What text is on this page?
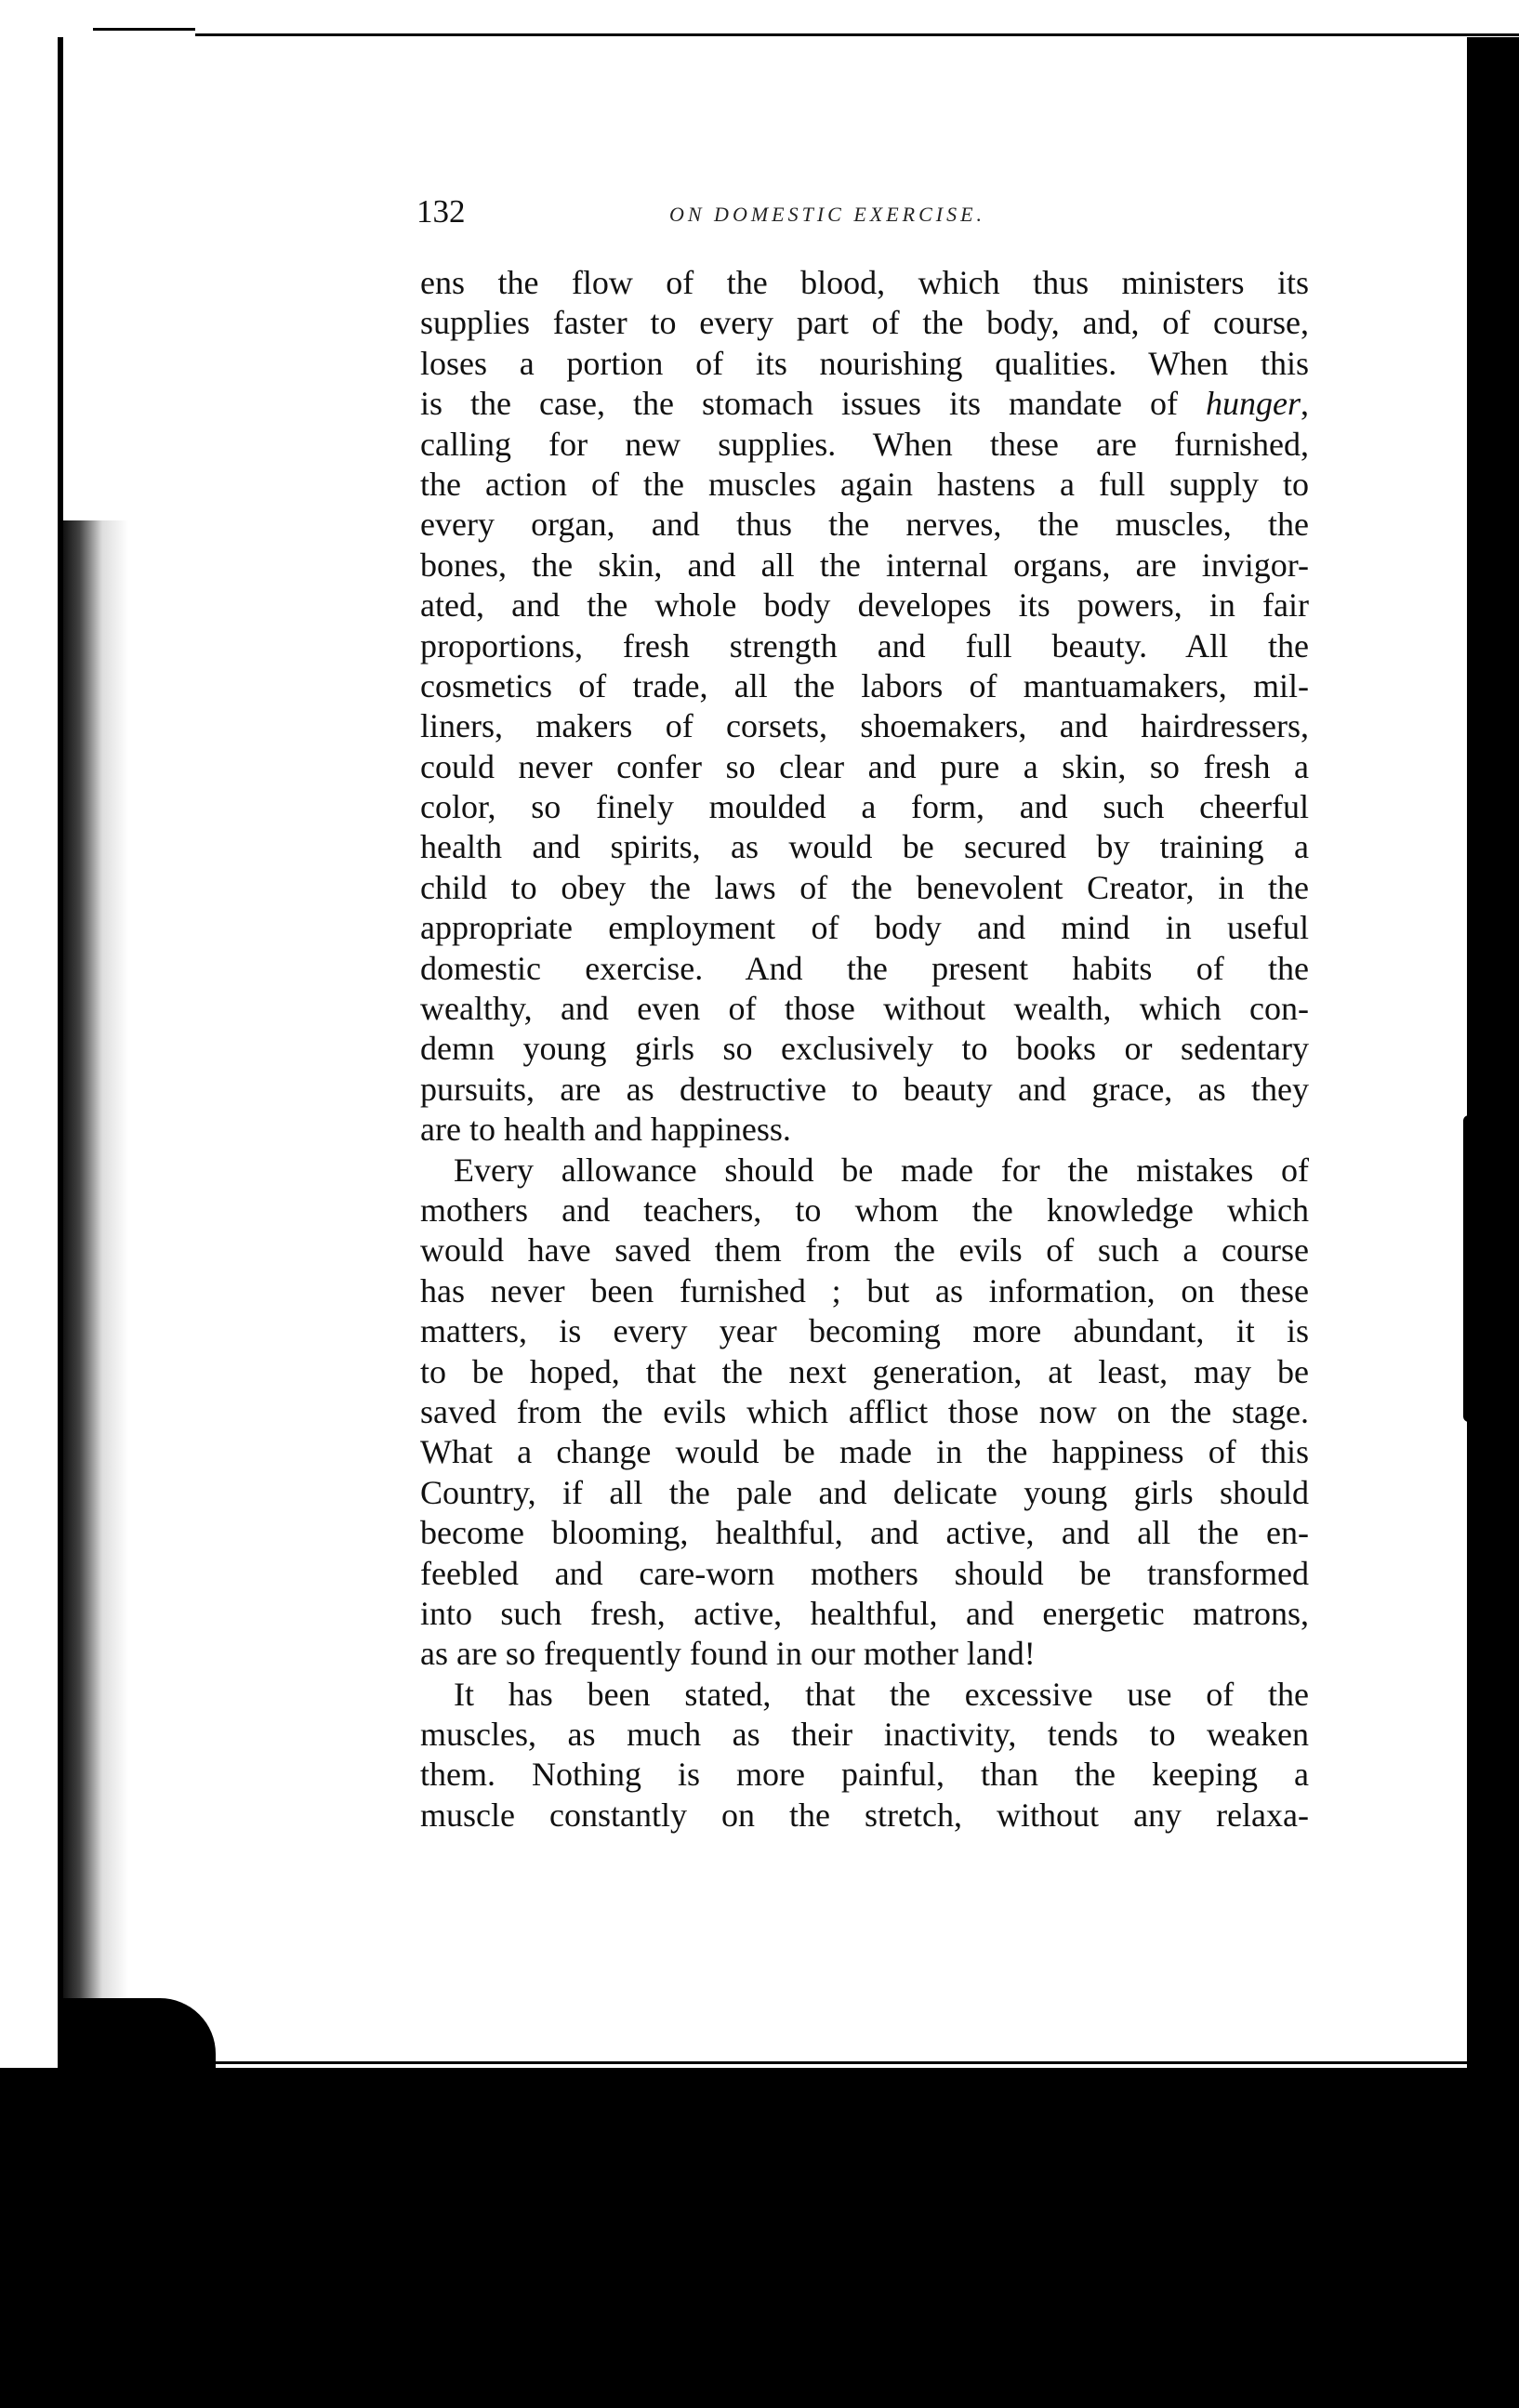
132	ON DOMESTIC EXERCISE.
ens the flow of the blood, which thus ministers its
supplies faster to every part of the body, and, of course,
loses a portion of its nourishing qualities. When this
is the case, the stomach issues its mandate of hunger,
calling for new supplies. When these are furnished,
the action of the muscles again hastens a full supply to
every organ, and thus the nerves, the muscles, the
bones, the skin, and all the internal organs, are invigor-
ated, and the whole body developes its powers, in fair
proportions, fresh strength and full beauty. All the
cosmetics of trade, all the labors of mantuamakers, mil-
liners, makers of corsets, shoemakers, and hairdressers,
could never confer so clear and pure a skin, so fresh a
color, so finely moulded a form, and such cheerful
health and spirits, as would be secured by training a
child to obey the laws of the benevolent Creator, in the
appropriate employment of body and mind in useful
domestic exercise. And the present habits of the
wealthy, and even of those without wealth, which con-
demn young girls so exclusively to books or sedentary
pursuits, are as destructive to beauty and grace, as they
are to health and happiness.
Every allowance should be made for the mistakes of
mothers and teachers, to whom the knowledge which
would have saved them from the evils of such a course
has never been furnished ; but as information, on these
matters, is every year becoming more abundant, it is
to be hoped, that the next generation, at least, may be
saved from the evils which afflict those now on the stage.
What a change would be made in the happiness of this
Country, if all the pale and delicate young girls should
become blooming, healthful, and active, and all the en-
feebled and care-worn mothers should be transformed
into such fresh, active, healthful, and energetic matrons,
as are so frequently found in our mother land!
It has been stated, that the excessive use of the
muscles, as much as their inactivity, tends to weaken
them. Nothing is more painful, than the keeping a
muscle constantly on the stretch, without any relaxa-
